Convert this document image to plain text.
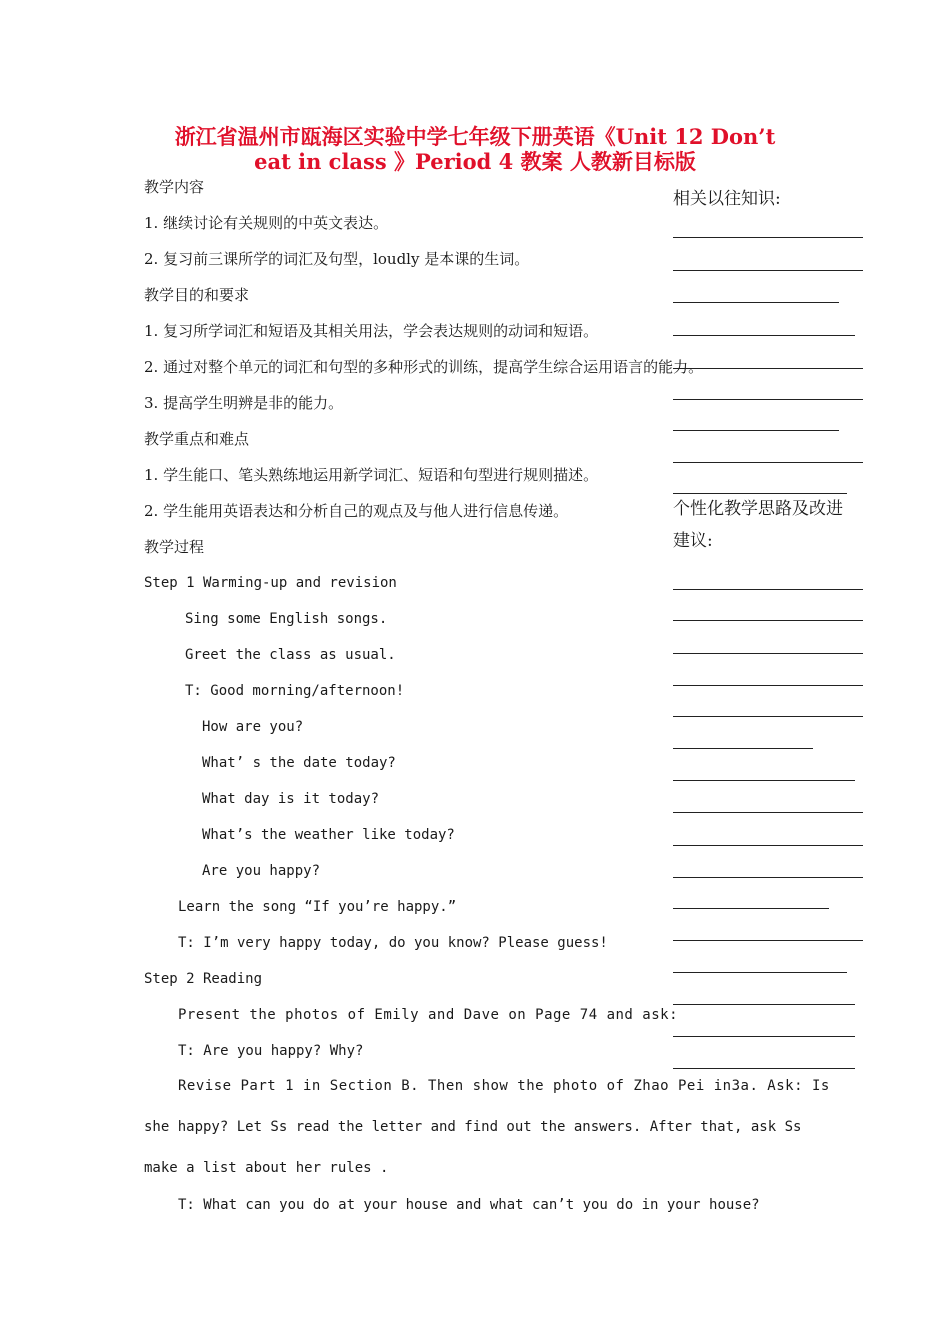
浙江省温州市瓯海区实验中学七年级下册英语《Unit 12 Don’t
eat in class 》Period 4 教案 人教新目标版
教学内容
1. 继续讨论有关规则的中英文表达。
2. 复习前三课所学的词汇及句型，loudly 是本课的生词。
教学目的和要求
1. 复习所学词汇和短语及其相关用法，学会表达规则的动词和短语。
2. 通过对整个单元的词汇和句型的多种形式的训练，提高学生综合运用语言的能力。
3. 提高学生明辨是非的能力。
教学重点和难点
1. 学生能口、笔头熟练地运用新学词汇、短语和句型进行规则描述。
2. 学生能用英语表达和分析自己的观点及与他人进行信息传递。
教学过程
Step 1 Warming-up and revision
Sing some English songs.
Greet the class as usual.
T: Good morning/afternoon!
How are you?
What’ s the date today?
What day is it today?
What’s the weather like today?
Are you happy?
Learn the song “If you’re happy.”
T: I’m very happy today, do you know? Please guess!
Step 2 Reading
Present the photos of Emily and Dave on Page 74 and ask:
T: Are you happy? Why?
Revise Part 1 in Section B. Then show the photo of Zhao Pei in3a. Ask: Is
she happy? Let Ss read the letter and find out the answers. After that, ask Ss
make a list about her rules .
T: What can you do at your house and what can’t you do in your house?
相关以往知识:
个性化教学思路及改进
建议:
